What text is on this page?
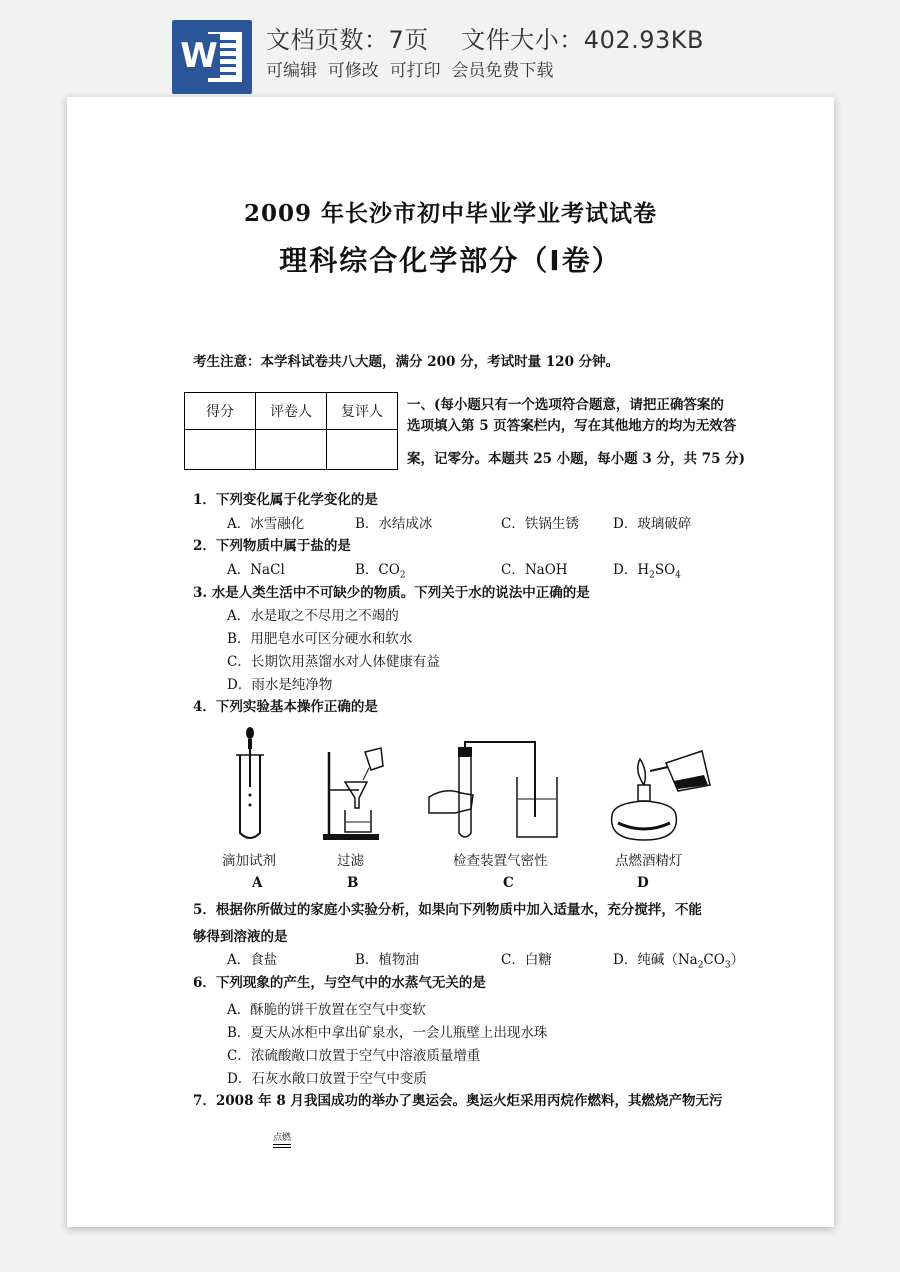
W 文档页数：7页 文件大小：402.93KB
可编辑  可修改  可打印  会员免费下载
2009 年长沙市初中毕业学业考试试卷
理科综合化学部分（Ⅰ卷）
考生注意：本学科试卷共八大题，满分 200 分，考试时量 120 分钟。
得分	评卷人	复评人
		一、(每小题只有一个选项符合题意，请把正确答案的
选项填入第 5 页答案栏内，写在其他地方的均为无效答
案，记零分。本题共 25 小题，每小题 3 分，共 75 分)
1．下列变化属于化学变化的是
A．冰雪融化	B．水结成冰	C．铁锅生锈	D．玻璃破碎
2．下列物质中属于盐的是
A．NaCl	B．$CO_2$	C．NaOH	D．$H_2SO_4$
3. 水是人类生活中不可缺少的物质。下列关于水的说法中正确的是
A．水是取之不尽用之不竭的
B．用肥皂水可区分硬水和软水
C．长期饮用蒸馏水对人体健康有益
D．雨水是纯净物
4．下列实验基本操作正确的是
滴加试剂	过滤	检查装置气密性	点燃酒精灯
A	B	C	D
5．根据你所做过的家庭小实验分析，如果向下列物质中加入适量水，充分搅拌，不能
够得到溶液的是
A．食盐	B．植物油	C．白糖	D．纯碱$(Na_2CO_3)$
6．下列现象的产生，与空气中的水蒸气无关的是
A．酥脆的饼干放置在空气中变软
B．夏天从冰柜中拿出矿泉水，一会儿瓶壁上出现水珠
C．浓硫酸敞口放置于空气中溶液质量增重
D．石灰水敞口放置于空气中变质
7．2008 年 8 月我国成功的举办了奥运会。奥运火炬采用丙烷作燃料，其燃烧产物无污
点燃
